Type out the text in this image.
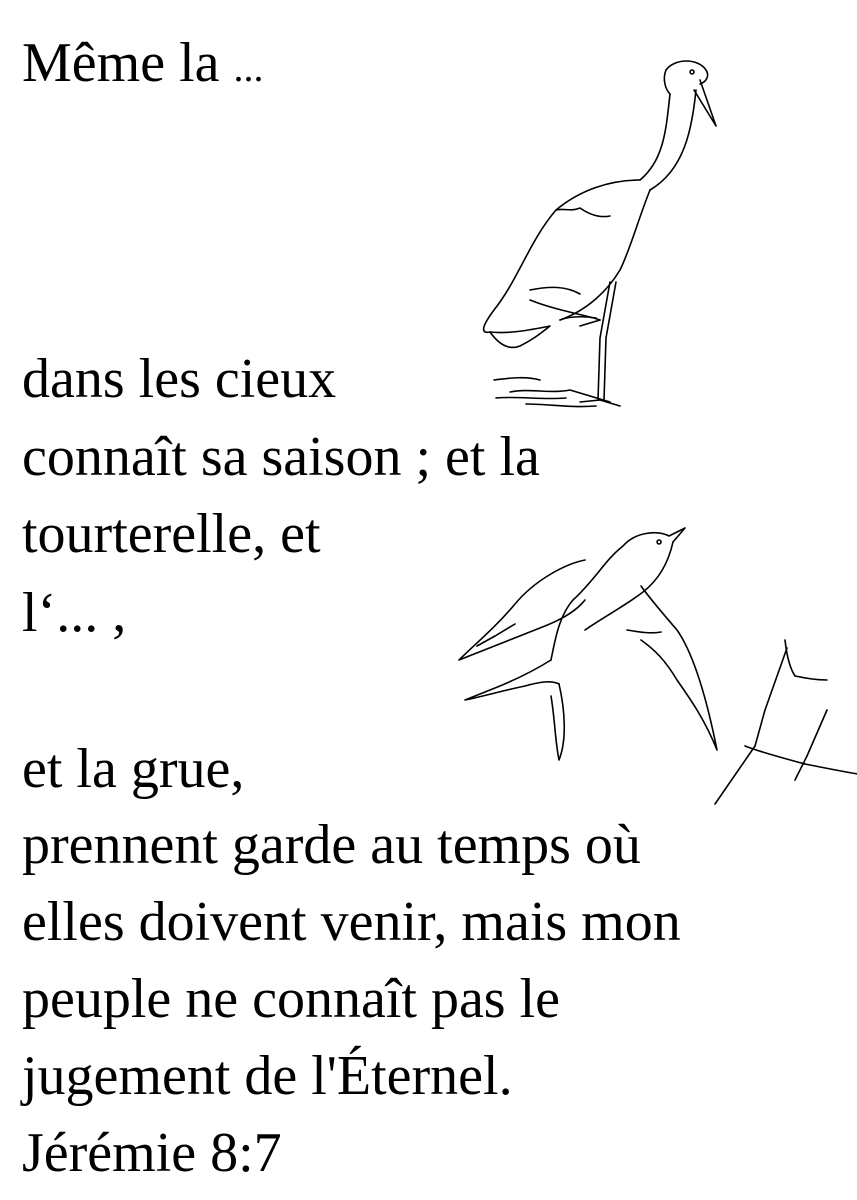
Même la ...

dans les cieux

connaît sa saison ; et la

tourterelle, et

l‘... ,

et la grue,

prennent garde au temps où

elles doivent venir, mais mon

peuple ne connaît pas le

jugement de l'Éternel.

Jérémie 8:7
